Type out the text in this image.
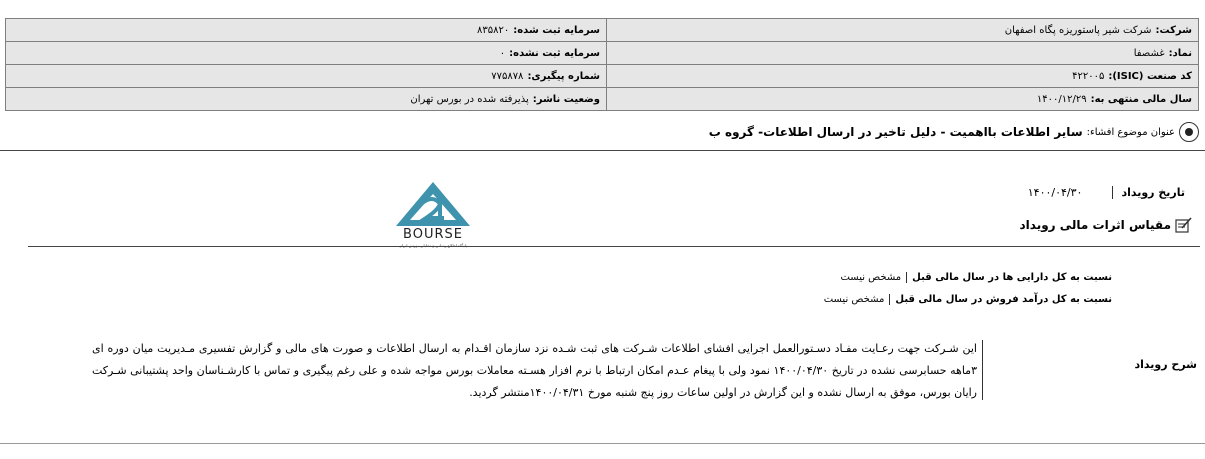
شرکت:شرکت شیر پاستوریزه پگاه اصفهان	سرمایه ثبت شده:۸۳۵۸۲۰
نماد:غشصفا	سرمایه ثبت نشده:۰
کد صنعت (ISIC):۴۲۲۰۰۵	شماره پیگیری:۷۷۵۸۷۸
سال مالی منتهی به:۱۴۰۰/۱۲/۲۹	وضعیت ناشر:پذیرفته شده در بورس تهران
عنوان موضوع افشاء:
سایر اطلاعات بااهمیت - دلیل تاخیر در ارسال اطلاعات- گروه ب
تاریخ رویداد
۱۴۰۰/۰۴/۳۰
مقیاس اثرات مالی رویداد
BOURSE
نسبت به کل دارایی ها در سال مالی قبل
مشخص نیست
نسبت به کل درآمد فروش در سال مالی قبل
مشخص نیست
شرح رویداد
این شـرکت جهت رعـایت مفـاد دسـتورالعمل اجرایی افشای اطلاعات شـرکت های ثبت شـده نزد سازمان اقـدام به ارسال اطلاعات و صورت های مالی و گزارش تفسیری مـدیریت میان دوره ای ۳ماهه حسابرسی نشده در تاریخ ۱۴۰۰/۰۴/۳۰ نمود ولی با پیغام عـدم امکان ارتباط با نرم افزار هسـته معاملات بورس مواجه شده و علی رغم پیگیری و تماس با کارشـناسان واحد پشتیبانی شـرکت رایان بورس، موفق به ارسال نشده و این گزارش در اولین ساعات روز پنج شنبه مورخ ۱۴۰۰/۰۴/۳۱منتشر گردید.
